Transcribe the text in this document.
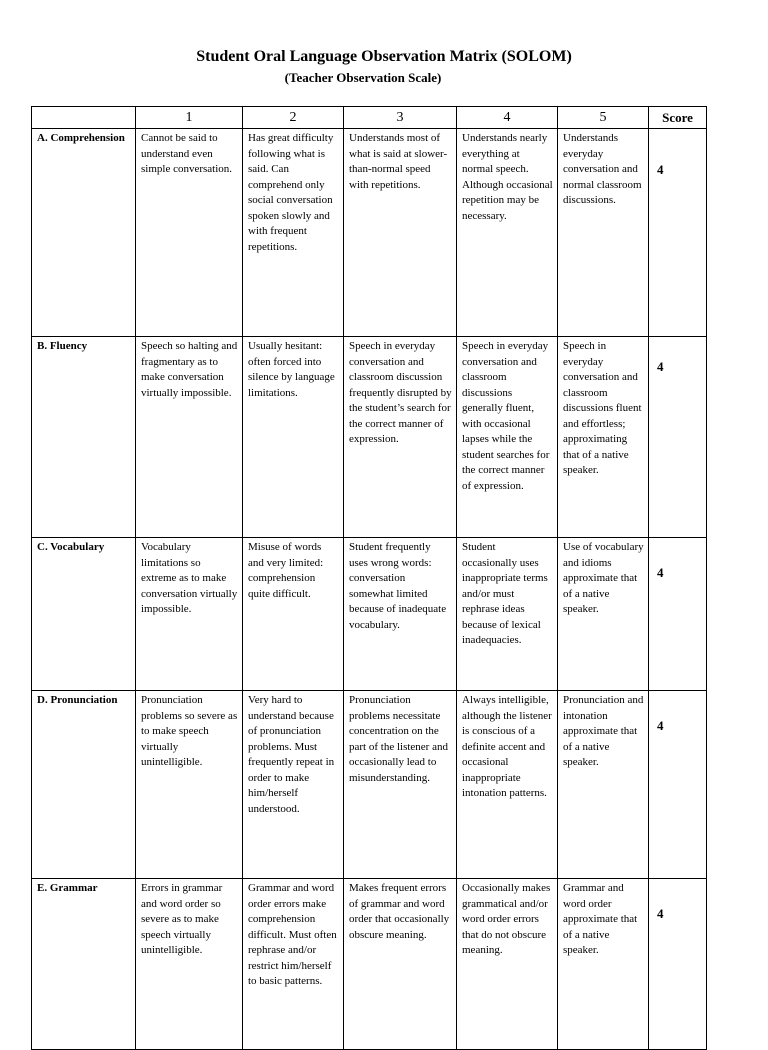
Student Oral Language Observation Matrix (SOLOM)
(Teacher Observation Scale)
	1	2	3	4	5	Score
A. Comprehension	Cannot be said to understand even simple conversation.	Has great difficulty following what is said. Can comprehend only social conversation spoken slowly and with frequent repetitions.	Understands most of what is said at slower-than-normal speed with repetitions.	Understands nearly everything at normal speech. Although occasional repetition may be necessary.	Understands everyday conversation and normal classroom discussions.	4
B. Fluency	Speech so halting and fragmentary as to make conversation virtually impossible.	Usually hesitant: often forced into silence by language limitations.	Speech in everyday conversation and classroom discussion frequently disrupted by the student’s search for the correct manner of expression.	Speech in everyday conversation and classroom discussions generally fluent, with occasional lapses while the student searches for the correct manner of expression.	Speech in everyday conversation and classroom discussions fluent and effortless; approximating that of a native speaker.	4
C. Vocabulary	Vocabulary limitations so extreme as to make conversation virtually impossible.	Misuse of words and very limited: comprehension quite difficult.	Student frequently uses wrong words: conversation somewhat limited because of inadequate vocabulary.	Student occasionally uses inappropriate terms and/or must rephrase ideas because of lexical inadequacies.	Use of vocabulary and idioms approximate that of a native speaker.	4
D. Pronunciation	Pronunciation problems so severe as to make speech virtually unintelligible.	Very hard to understand because of pronunciation problems. Must frequently repeat in order to make him/herself understood.	Pronunciation problems necessitate concentration on the part of the listener and occasionally lead to misunderstanding.	Always intelligible, although the listener is conscious of a definite accent and occasional inappropriate intonation patterns.	Pronunciation and intonation approximate that of a native speaker.	4
E. Grammar	Errors in grammar and word order so severe as to make speech virtually unintelligible.	Grammar and word order errors make comprehension difficult. Must often rephrase and/or restrict him/herself to basic patterns.	Makes frequent errors of grammar and word order that occasionally obscure meaning.	Occasionally makes grammatical and/or word order errors that do not obscure meaning.	Grammar and word order approximate that of a native speaker.	4
